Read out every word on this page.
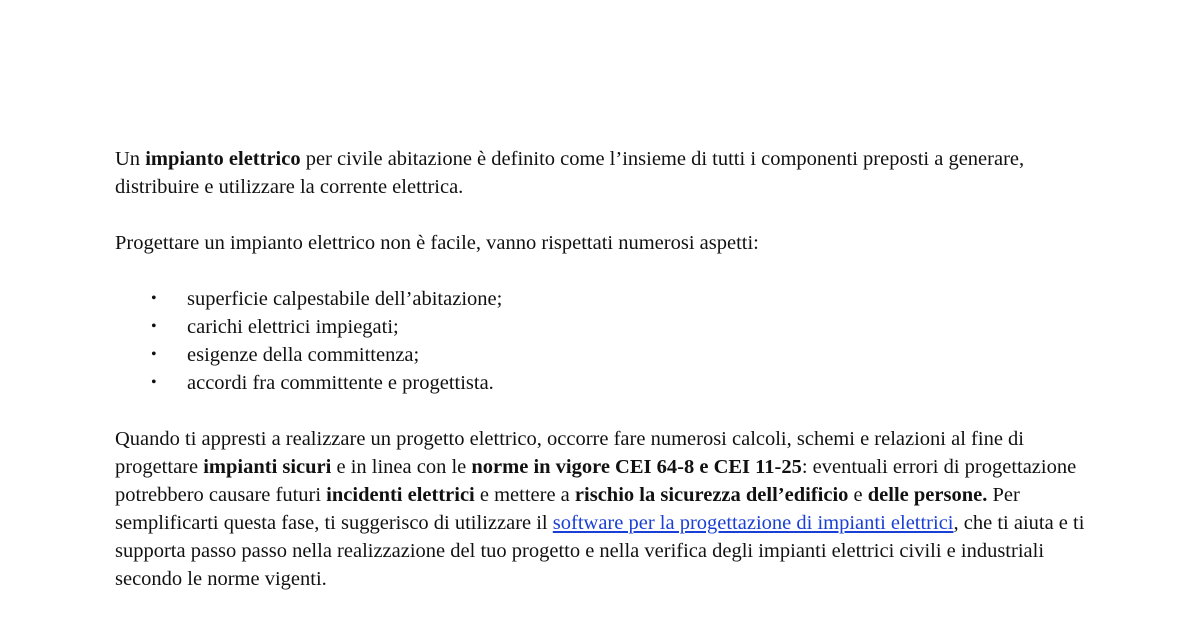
Un impianto elettrico per civile abitazione è definito come l’insieme di tutti i componenti preposti a generare, distribuire e utilizzare la corrente elettrica.

Progettare un impianto elettrico non è facile, vanno rispettati numerosi aspetti:

• superficie calpestabile dell’abitazione;
• carichi elettrici impiegati;
• esigenze della committenza;
• accordi fra committente e progettista.

Quando ti appresti a realizzare un progetto elettrico, occorre fare numerosi calcoli, schemi e relazioni al fine di progettare impianti sicuri e in linea con le norme in vigore CEI 64-8 e CEI 11-25: eventuali errori di progettazione potrebbero causare futuri incidenti elettrici e mettere a rischio la sicurezza dell’edificio e delle persone. Per semplificarti questa fase, ti suggerisco di utilizzare il software per la progettazione di impianti elettrici, che ti aiuta e ti supporta passo passo nella realizzazione del tuo progetto e nella verifica degli impianti elettrici civili e industriali secondo le norme vigenti.
